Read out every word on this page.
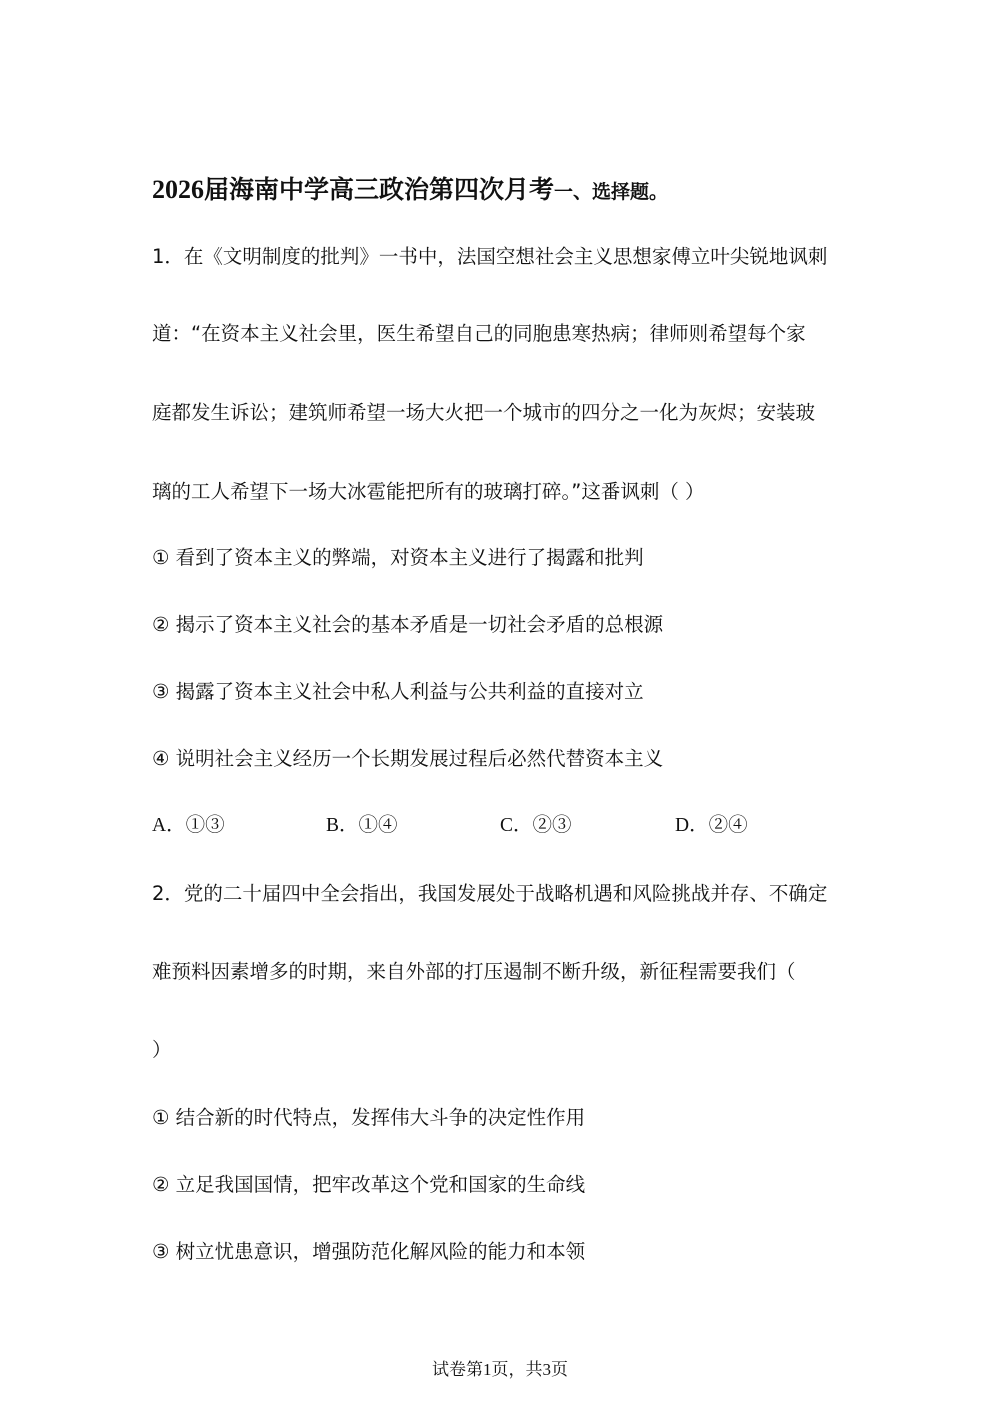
2026届海南中学高三政治第四次月考一、选择题。
1．在《文明制度的批判》一书中，法国空想社会主义思想家傅立叶尖锐地讽刺
道：“在资本主义社会里，医生希望自己的同胞患寒热病；律师则希望每个家
庭都发生诉讼；建筑师希望一场大火把一个城市的四分之一化为灰烬；安装玻
璃的工人希望下一场大冰雹能把所有的玻璃打碎。”这番讽刺（ ）
① 看到了资本主义的弊端，对资本主义进行了揭露和批判
② 揭示了资本主义社会的基本矛盾是一切社会矛盾的总根源
③ 揭露了资本主义社会中私人利益与公共利益的直接对立
④ 说明社会主义经历一个长期发展过程后必然代替资本主义
A．①③	B．①④	C．②③	D．②④
2．党的二十届四中全会指出，我国发展处于战略机遇和风险挑战并存、不确定
难预料因素增多的时期，来自外部的打压遏制不断升级，新征程需要我们（
）
① 结合新的时代特点，发挥伟大斗争的决定性作用
② 立足我国国情，把牢改革这个党和国家的生命线
③ 树立忧患意识，增强防范化解风险的能力和本领
试卷第1页，共3页
